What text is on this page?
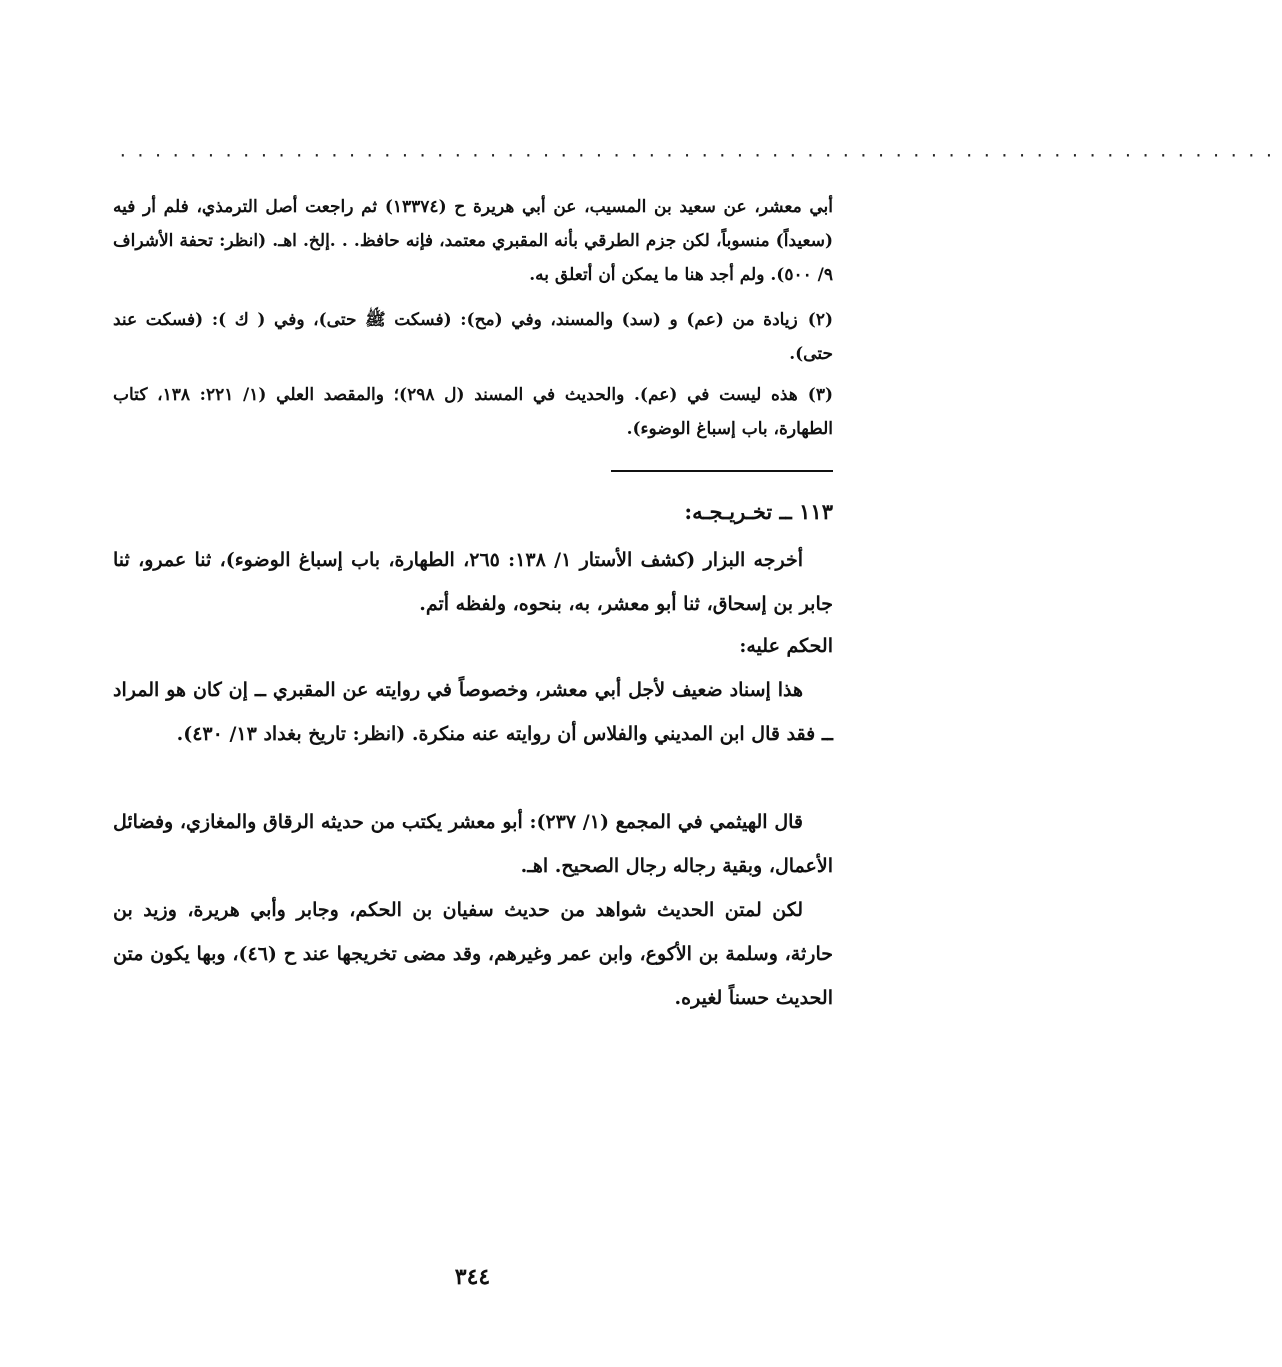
··································································
أبي معشر، عن سعيد بن المسيب، عن أبي هريرة ح (١٣٣٧٤) ثم راجعت أصل الترمذي، فلم أر فيه (سعيداً) منسوباً، لكن جزم الطرقي بأنه المقبري معتمد، فإنه حافظ. . .إلخ. اهـ. (انظر: تحفة الأشراف ٩/ ٥٠٠). ولم أجد هنا ما يمكن أن أتعلق به.
(٢)زيادة من (عم) و (سد) والمسند، وفي (مح): (فسكت ﷺ حتى)، وفي ( ك ): (فسكت عند حتى).
(٣)هذه ليست في (عم). والحديث في المسند (ل ٢٩٨)؛ والمقصد العلي (١/ ٢٢١: ١٣٨، كتاب الطهارة، باب إسباغ الوضوء).
١١٣ ــ تخـريـجـه:
أخرجه البزار (كشف الأستار ١/ ١٣٨: ٢٦٥، الطهارة، باب إسباغ الوضوء)، ثنا عمرو، ثنا جابر بن إسحاق، ثنا أبو معشر، به، بنحوه، ولفظه أتم.
الحكم عليه:
هذا إسناد ضعيف لأجل أبي معشر، وخصوصاً في روايته عن المقبري ــ إن كان هو المراد ــ فقد قال ابن المديني والفلاس أن روايته عنه منكرة. (انظر: تاريخ بغداد ١٣/ ٤٣٠).
قال الهيثمي في المجمع (١/ ٢٣٧): أبو معشر يكتب من حديثه الرقاق والمغازي، وفضائل الأعمال، وبقية رجاله رجال الصحيح. اهـ.
لكن لمتن الحديث شواهد من حديث سفيان بن الحكم، وجابر وأبي هريرة، وزيد بن حارثة، وسلمة بن الأكوع، وابن عمر وغيرهم، وقد مضى تخريجها عند ح (٤٦)، وبها يكون متن الحديث حسناً لغيره.
٣٤٤
